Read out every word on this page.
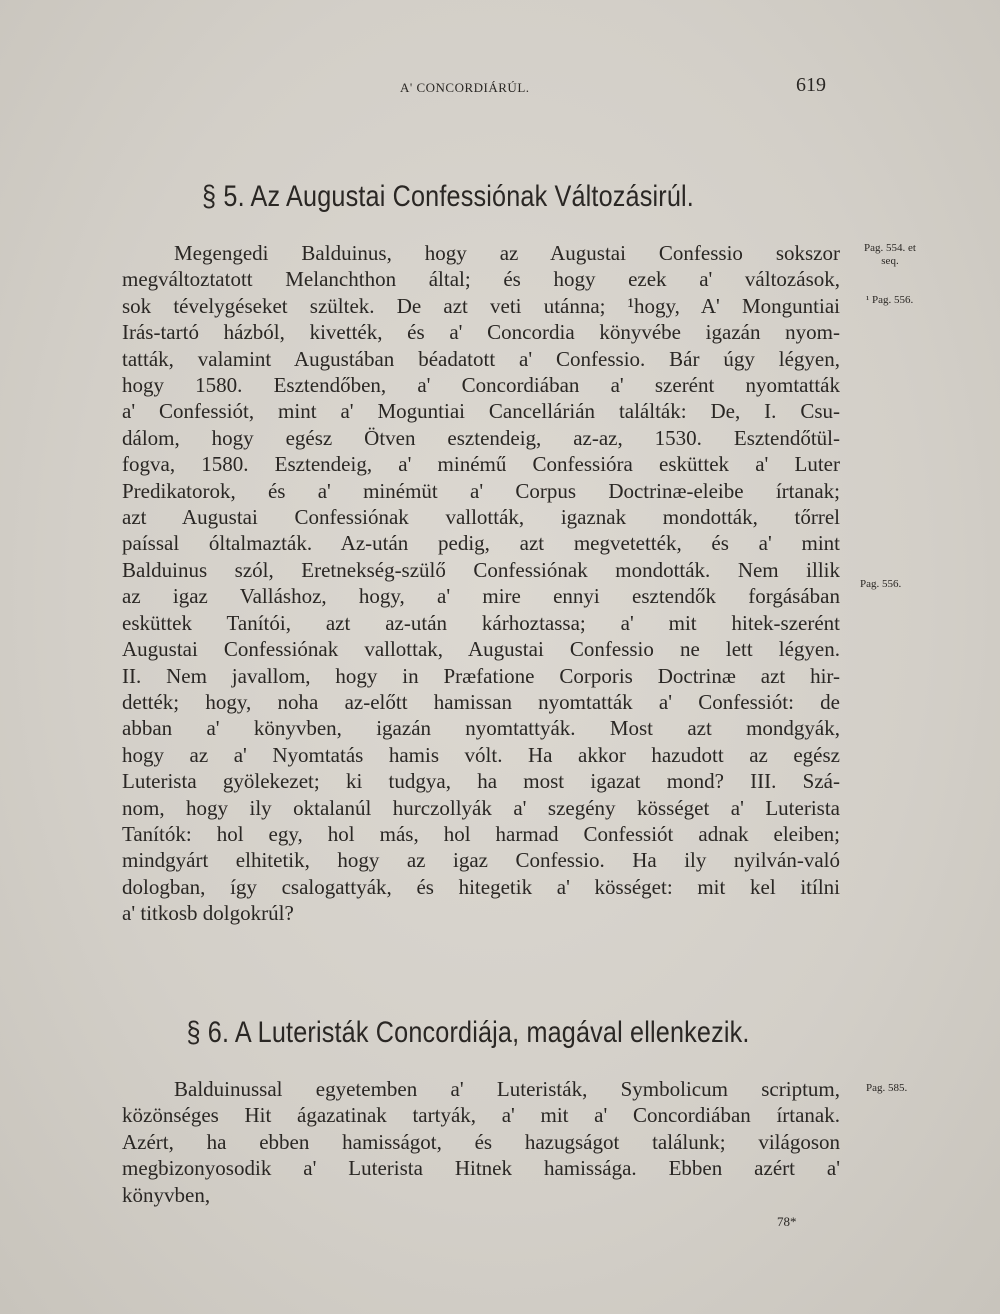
A' CONCORDIÁRÚL.	619
§ 5. Az Augustai Confessiónak Változásirúl.
Megengedi Balduinus, hogy az Augustai Confessio sokszor
megváltoztatott Melanchthon által; és hogy ezek a' változások,
sok tévelygéseket szültek. De azt veti utánna; ¹hogy, A' Monguntiai
Irás-tartó házból, kivették, és a' Concordia könyvébe igazán nyom-
tatták, valamint Augustában béadatott a' Confessio. Bár úgy légyen,
hogy 1580. Esztendőben, a' Concordiában a' szerént nyomtatták
a' Confessiót, mint a' Moguntiai Cancellárián találták: De, I. Csu-
dálom, hogy egész Ötven esztendeig, az-az, 1530. Esztendőtül-
fogva, 1580. Esztendeig, a' minémű Confessióra esküttek a' Luter
Predikatorok, és a' minémüt a' Corpus Doctrinæ-eleibe írtanak;
azt Augustai Confessiónak vallották, igaznak mondották, tőrrel
paíssal óltalmazták. Az-után pedig, azt megvetették, és a' mint
Balduinus szól, Eretnekség-szülő Confessiónak mondották. Nem illik
az igaz Valláshoz, hogy, a' mire ennyi esztendők forgásában
esküttek Tanítói, azt az-után kárhoztassa; a' mit hitek-szerént
Augustai Confessiónak vallottak, Augustai Confessio ne lett légyen.
II. Nem javallom, hogy in Præfatione Corporis Doctrinæ azt hir-
dették; hogy, noha az-előtt hamissan nyomtatták a' Confessiót: de
abban a' könyvben, igazán nyomtattyák. Most azt mondgyák,
hogy az a' Nyomtatás hamis vólt. Ha akkor hazudott az egész
Luterista gyölekezet; ki tudgya, ha most igazat mond? III. Szá-
nom, hogy ily oktalanúl hurczollyák a' szegény kösséget a' Luterista
Tanítók: hol egy, hol más, hol harmad Confessiót adnak eleiben;
mindgyárt elhitetik, hogy az igaz Confessio. Ha ily nyilván-való
dologban, így csalogattyák, és hitegetik a' kösséget: mit kel itílni
a' titkosb dolgokrúl?
§ 6. A Luteristák Concordiája, magával ellenkezik.
Balduinussal egyetemben a' Luteristák, Symbolicum scriptum,
közönséges Hit ágazatinak tartyák, a' mit a' Concordiában írtanak.
Azért, ha ebben hamisságot, és hazugságot találunk; világoson
megbizonyosodik a' Luterista Hitnek hamissága. Ebben azért a'
könyvben,
Pag. 554. et seq.
¹ Pag. 556.
Pag. 556.
Pag. 585.
78*
